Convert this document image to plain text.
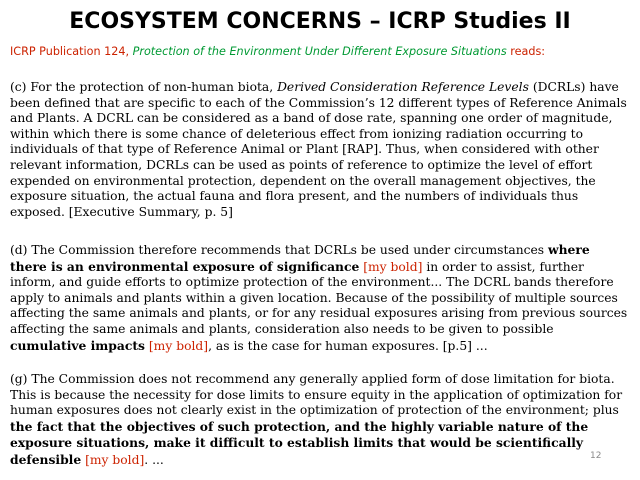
ECOSYSTEM CONCERNS – ICRP Studies II
ICRP Publication 124, Protection of the Environment Under Different Exposure Situations reads:

(c) For the protection of non-human biota, Derived Consideration Reference Levels (DCRLs) have been defined that are specific to each of the Commission’s 12 different types of Reference Animals and Plants. A DCRL can be considered as a band of dose rate, spanning one order of magnitude, within which there is some chance of deleterious effect from ionizing radiation occurring to individuals of that type of Reference Animal or Plant [RAP]. Thus, when considered with other relevant information, DCRLs can be used as points of reference to optimize the level of effort expended on environmental protection, dependent on the overall management objectives, the exposure situation, the actual fauna and flora present, and the numbers of individuals thus exposed. [Executive Summary, p. 5]

(d) The Commission therefore recommends that DCRLs be used under circumstances where there is an environmental exposure of significance [my bold] in order to assist, further inform, and guide efforts to optimize protection of the environment... The DCRL bands therefore apply to animals and plants within a given location. Because of the possibility of multiple sources affecting the same animals and plants, or for any residual exposures arising from previous sources affecting the same animals and plants, consideration also needs to be given to possible cumulative impacts [my bold], as is the case for human exposures. [p.5] ...

(g) The Commission does not recommend any generally applied form of dose limitation for biota. This is because the necessity for dose limits to ensure equity in the application of optimization for human exposures does not clearly exist in the optimization of protection of the environment; plus the fact that the objectives of such protection, and the highly variable nature of the exposure situations, make it difficult to establish limits that would be scientifically defensible [my bold]. ...	12
